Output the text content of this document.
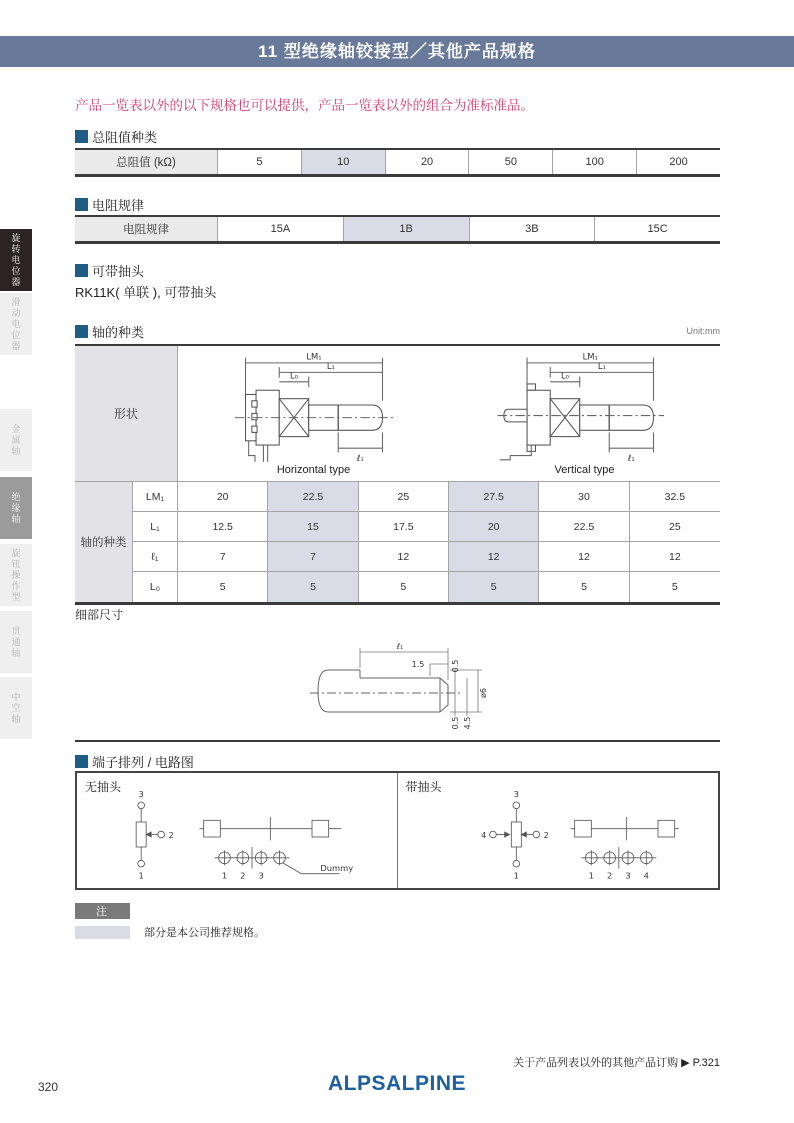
11 型绝缘轴铰接型／其他产品规格
旋转电位器
滑动电位器
金属轴
绝缘轴
旋钮操作型
贯通轴
中空轴
产品一览表以外的以下规格也可以提供，产品一览表以外的组合为准标准品。
总阻值种类
总阻值 (kΩ)	5	10	20	50	100	200
电阻规律
电阻规律	15A	1B	3B	15C
可带抽头
RK11K( 单联 ), 可带抽头
轴的种类	Unit:mm
形状
LM₁
L₁
L₀
ℓ₁
Horizontal type
LM₁
L₁
L₀
ℓ₁
Vertical type
轴的种类
LM₁	20	22.5	25	27.5	30	32.5
L₁	12.5	15	17.5	20	22.5	25
ℓ₁	7	7	12	12	12	12
L₀	5	5	5	5	5	5
细部尺寸
ℓ₁
1.5	0.5
0.5 4.5
ø6
端子排列 / 电路图
无抽头 3
2
1	1 2 3
Dummy
带抽头	3
2
4
1	1 2 3 4
注
部分是本公司推荐规格。
关于产品列表以外的其他产品订购 ▶ P.321
ALPSALPINE
320
